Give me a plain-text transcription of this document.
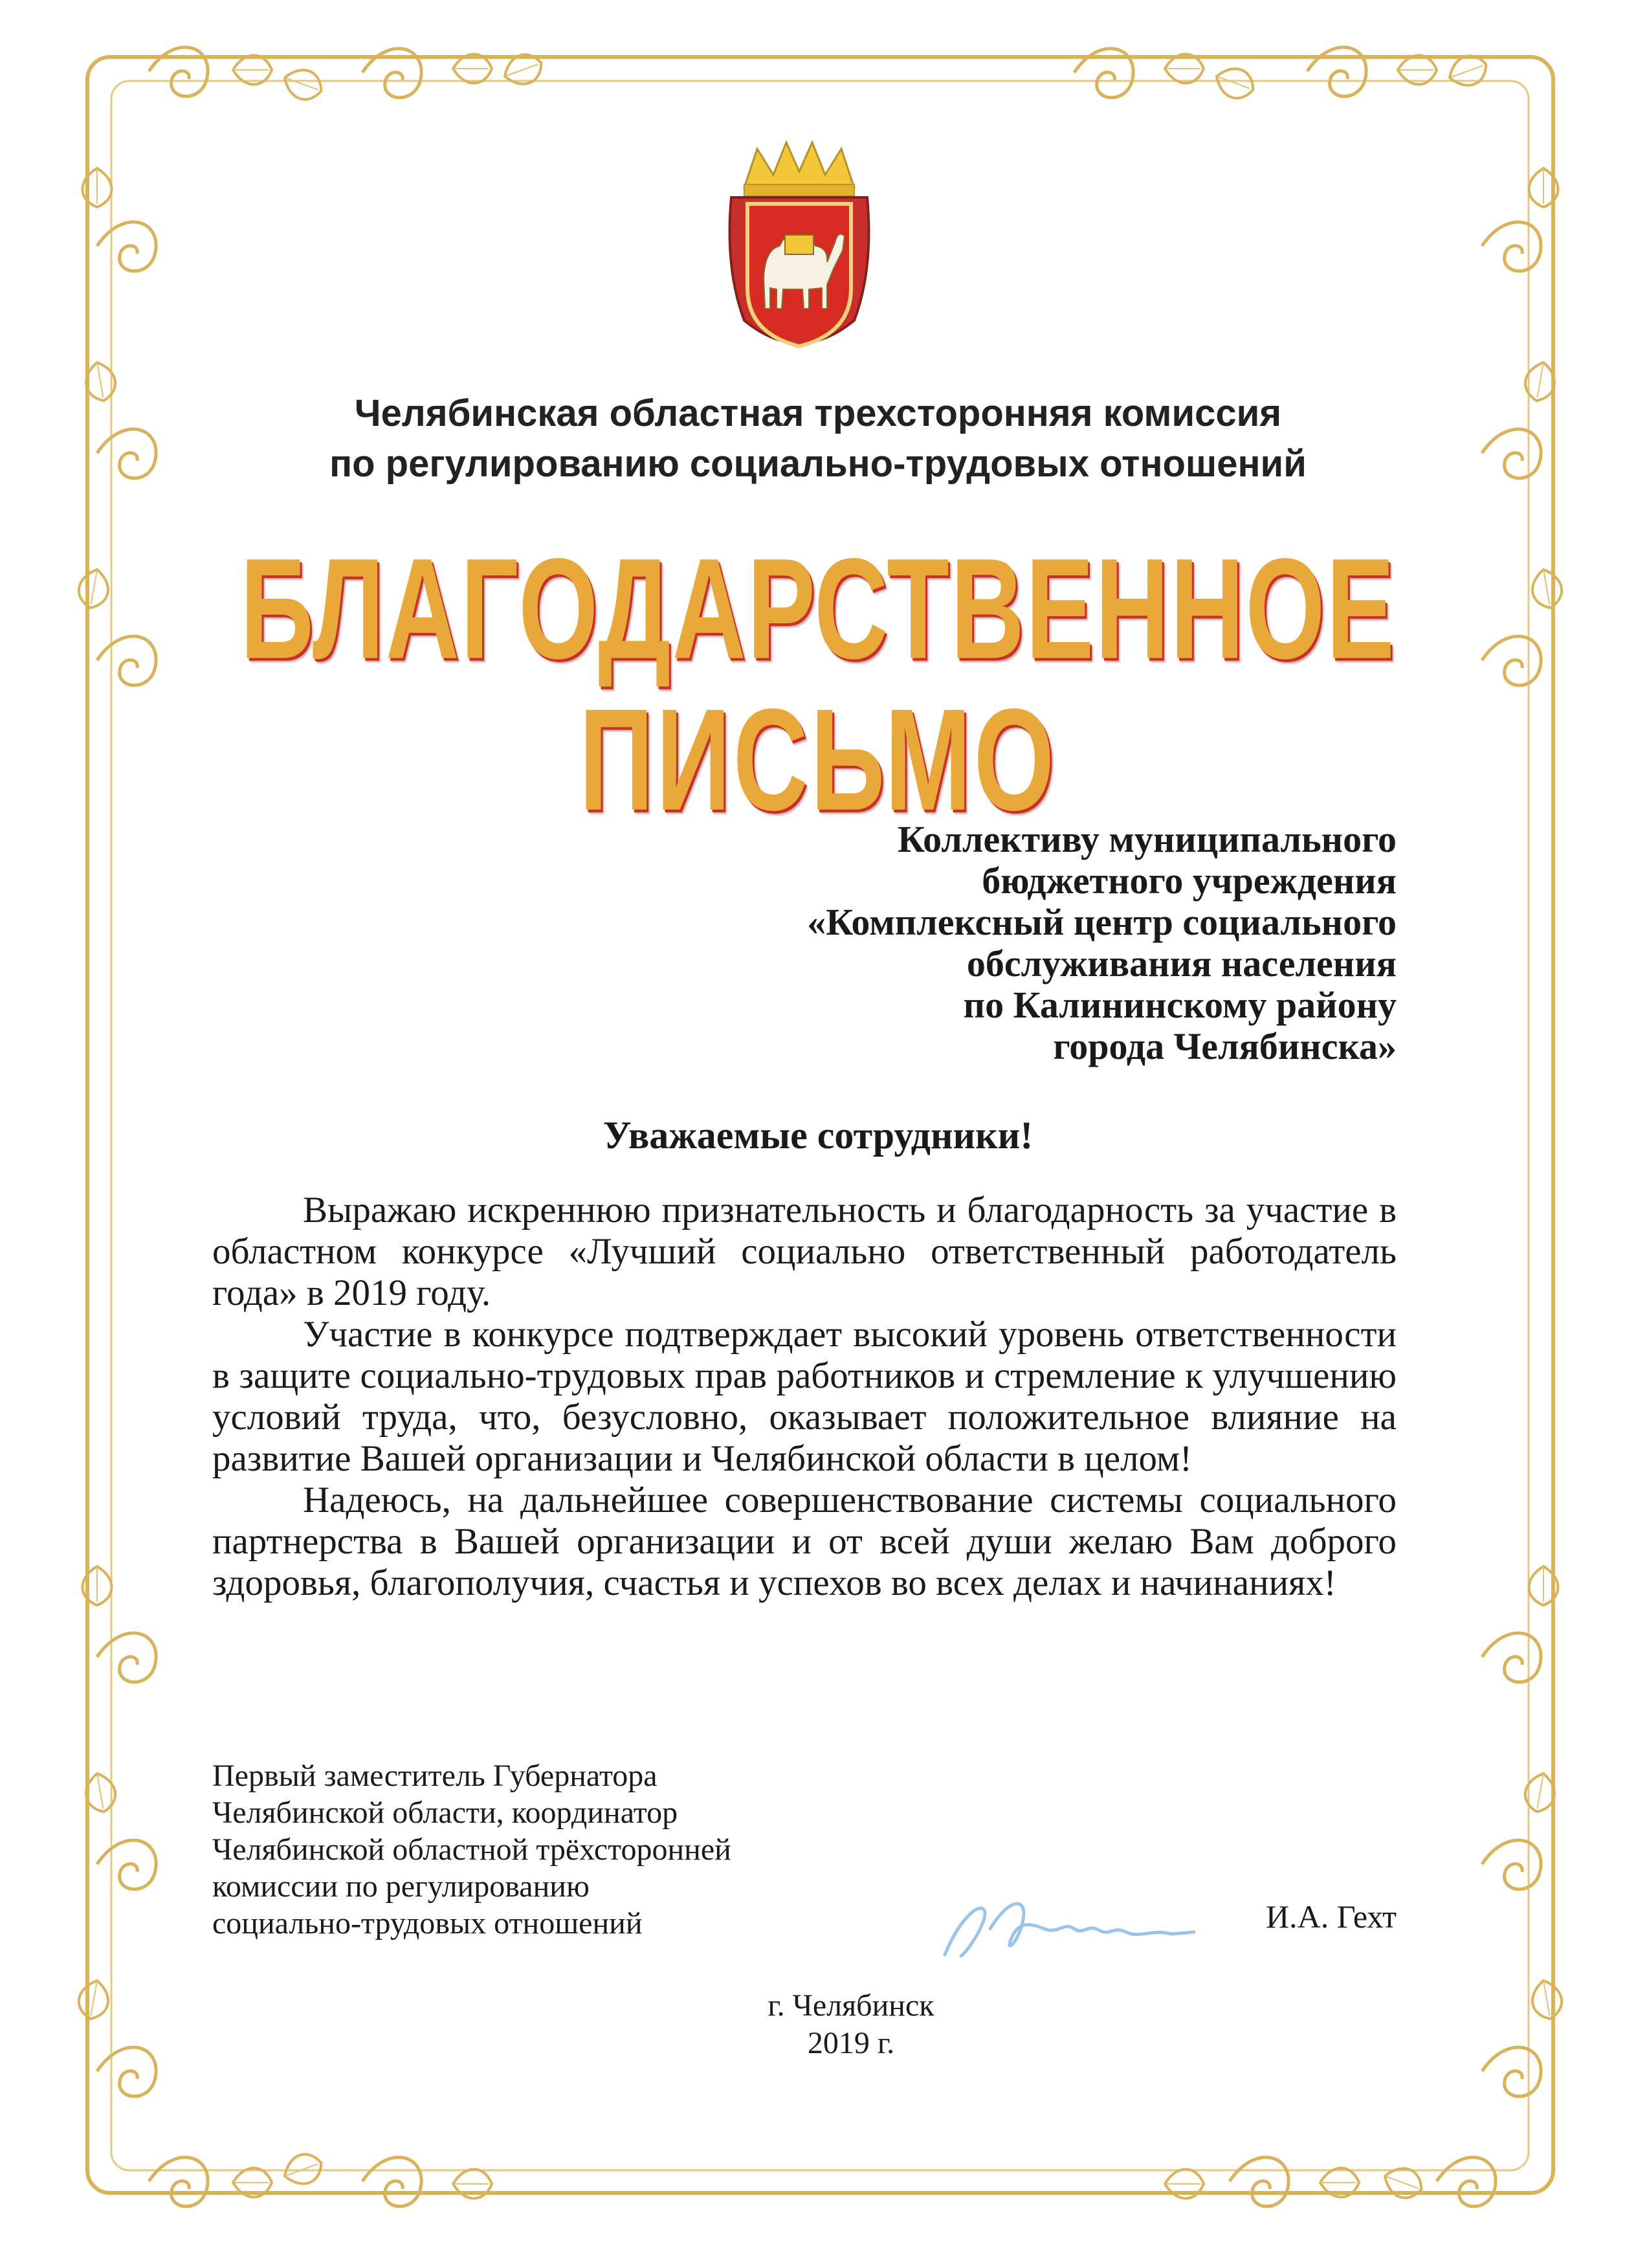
Челябинская областная трехсторонняя комиссия
по регулированию социально-трудовых отношений
БЛАГОДАРСТВЕННОЕ
ПИСЬМО
Коллективу муниципального
бюджетного учреждения
«Комплексный центр социального
обслуживания населения
по Калининскому району
города Челябинска»
Уважаемые сотрудники!

Выражаю искреннюю признательность и благодарность за участие в областном конкурсе «Лучший социально ответственный работодатель года» в 2019 году.

Участие в конкурсе подтверждает высокий уровень ответственности в защите социально-трудовых прав работников и стремление к улучшению условий труда, что, безусловно, оказывает положительное влияние на развитие Вашей организации и Челябинской области в целом!

Надеюсь, на дальнейшее совершенствование системы социального партнерства в Вашей организации и от всей души желаю Вам доброго здоровья, благополучия, счастья и успехов во всех делах и начинаниях!

Первый заместитель Губернатора
Челябинской области, координатор
Челябинской областной трёхсторонней
комиссии по регулированию
социально-трудовых отношений	И.А. Гехт
г. Челябинск
2019 г.
